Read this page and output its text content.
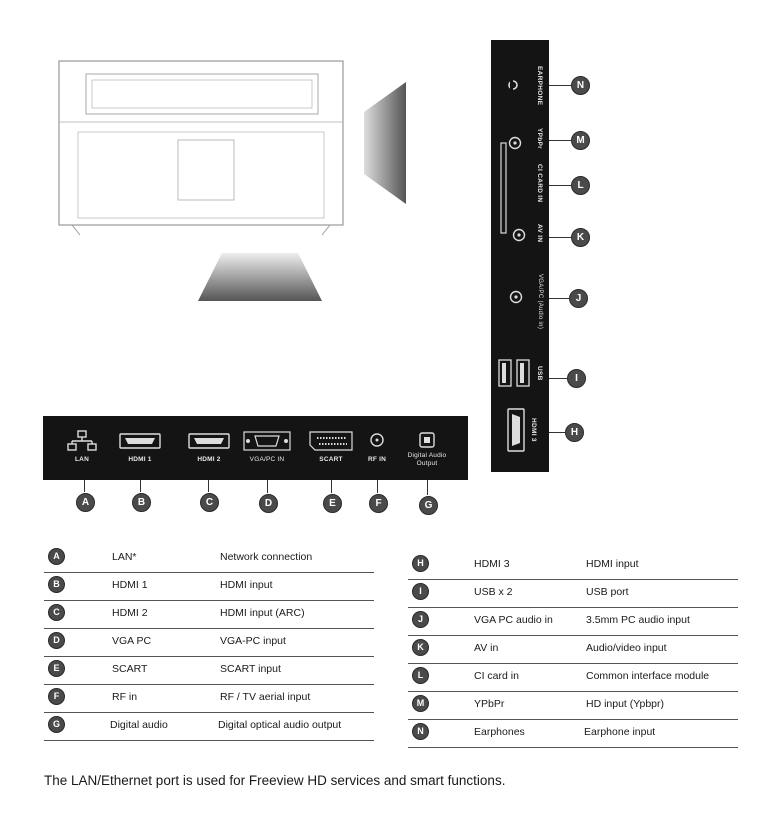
LAN	HDMI 1	HDMI 2	VGA/PC IN	SCART	RF IN
Digital Audio Output
A	B	C	D	E	F	G
EARPHONE
YPbPr
CI CARD IN
AV IN
VGA/PC (Audio in)
USB
HDMI 3
N
M
L
K
J
I
H
A	LAN*	Network connection
B	HDMI 1	HDMI input
C	HDMI 2	HDMI input (ARC)
D	VGA PC	VGA-PC input
E	SCART	SCART input
F	RF in	RF / TV aerial input
G	Digital audio	Digital optical audio output
H	HDMI 3	HDMI input
I	USB x 2	USB port
J	VGA PC audio in	3.5mm PC audio input
K	AV in	Audio/video input
L	CI card in	Common interface module
M	YPbPr	HD input (Ypbpr)
N	Earphones	Earphone input
The LAN/Ethernet port is used for Freeview HD services and smart functions.
